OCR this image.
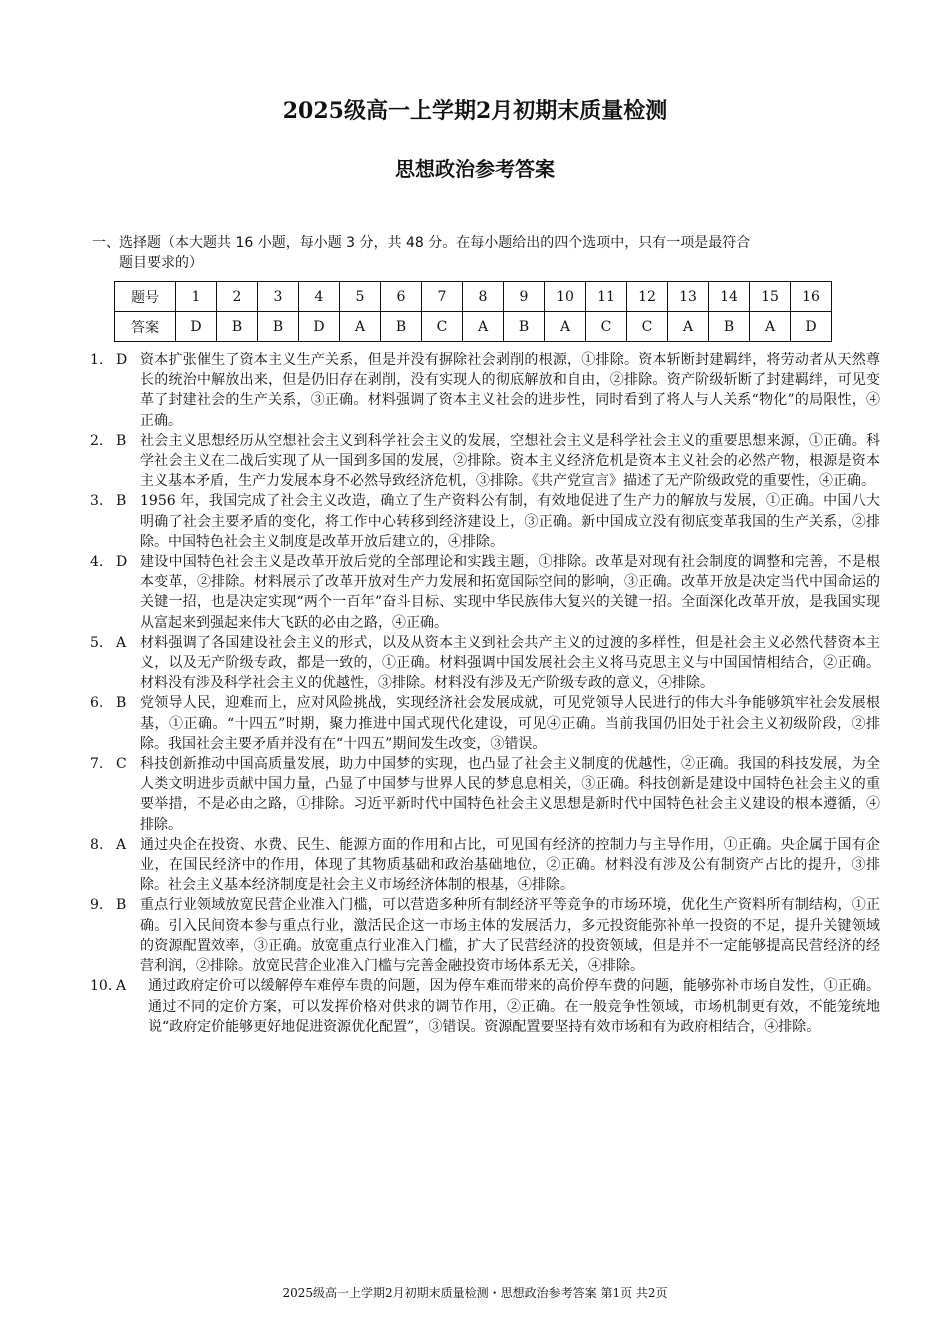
2025级高一上学期2月初期末质量检测
思想政治参考答案
一、选择题（本大题共 16 小题，每小题 3 分，共 48 分。在每小题给出的四个选项中，只有一项是最符合
题目要求的）
题号	1	2	3	4	5	6	7	8	9	10	11	12	13	14	15	16
答案	D	B	B	D	A	B	C	A	B	A	C	C	A	B	A	D
1. D 资本扩张催生了资本主义生产关系，但是并没有摒除社会剥削的根源，①排除。资本斩断封建羁绊，将劳动者从天然尊长的统治中解放出来，但是仍旧存在剥削，没有实现人的彻底解放和自由，②排除。资产阶级斩断了封建羁绊，可见变革了封建社会的生产关系，③正确。材料强调了资本主义社会的进步性，同时看到了将人与人关系“物化”的局限性，④正确。
2. B 社会主义思想经历从空想社会主义到科学社会主义的发展，空想社会主义是科学社会主义的重要思想来源，①正确。科学社会主义在二战后实现了从一国到多国的发展，②排除。资本主义经济危机是资本主义社会的必然产物，根源是资本主义基本矛盾，生产力发展本身不必然导致经济危机，③排除。《共产党宣言》描述了无产阶级政党的重要性，④正确。
3. B 1956 年，我国完成了社会主义改造，确立了生产资料公有制，有效地促进了生产力的解放与发展，①正确。中国八大明确了社会主要矛盾的变化，将工作中心转移到经济建设上，③正确。新中国成立没有彻底变革我国的生产关系，②排除。中国特色社会主义制度是改革开放后建立的，④排除。
4. D 建设中国特色社会主义是改革开放后党的全部理论和实践主题，①排除。改革是对现有社会制度的调整和完善，不是根本变革，②排除。材料展示了改革开放对生产力发展和拓宽国际空间的影响，③正确。改革开放是决定当代中国命运的关键一招，也是决定实现“两个一百年”奋斗目标、实现中华民族伟大复兴的关键一招。全面深化改革开放，是我国实现从富起来到强起来伟大飞跃的必由之路，④正确。
5. A 材料强调了各国建设社会主义的形式，以及从资本主义到社会共产主义的过渡的多样性，但是社会主义必然代替资本主义，以及无产阶级专政，都是一致的，①正确。材料强调中国发展社会主义将马克思主义与中国国情相结合，②正确。材料没有涉及科学社会主义的优越性，③排除。材料没有涉及无产阶级专政的意义，④排除。
6. B 党领导人民，迎难而上，应对风险挑战，实现经济社会发展成就，可见党领导人民进行的伟大斗争能够筑牢社会发展根基，①正确。“十四五”时期，聚力推进中国式现代化建设，可见④正确。当前我国仍旧处于社会主义初级阶段，②排除。我国社会主要矛盾并没有在“十四五”期间发生改变，③错误。
7. C 科技创新推动中国高质量发展，助力中国梦的实现，也凸显了社会主义制度的优越性，②正确。我国的科技发展，为全人类文明进步贡献中国力量，凸显了中国梦与世界人民的梦息息相关，③正确。科技创新是建设中国特色社会主义的重要举措，不是必由之路，①排除。习近平新时代中国特色社会主义思想是新时代中国特色社会主义建设的根本遵循，④排除。
8. A 通过央企在投资、水费、民生、能源方面的作用和占比，可见国有经济的控制力与主导作用，①正确。央企属于国有企业，在国民经济中的作用，体现了其物质基础和政治基础地位，②正确。材料没有涉及公有制资产占比的提升，③排除。社会主义基本经济制度是社会主义市场经济体制的根基，④排除。
9. B 重点行业领域放宽民营企业准入门槛，可以营造多种所有制经济平等竞争的市场环境，优化生产资料所有制结构，①正确。引入民间资本参与重点行业，激活民企这一市场主体的发展活力，多元投资能弥补单一投资的不足，提升关键领域的资源配置效率，③正确。放宽重点行业准入门槛，扩大了民营经济的投资领域，但是并不一定能够提高民营经济的经营利润，②排除。放宽民营企业准入门槛与完善金融投资市场体系无关，④排除。
10. A	通过政府定价可以缓解停车难停车贵的问题，因为停车难而带来的高价停车费的问题，能够弥补市场自发性，①正确。通过不同的定价方案，可以发挥价格对供求的调节作用，②正确。在一般竞争性领域，市场机制更有效，不能笼统地说“政府定价能够更好地促进资源优化配置”，③错误。资源配置要坚持有效市场和有为政府相结合，④排除。
2025级高一上学期2月初期末质量检测・思想政治参考答案 第1页 共2页
